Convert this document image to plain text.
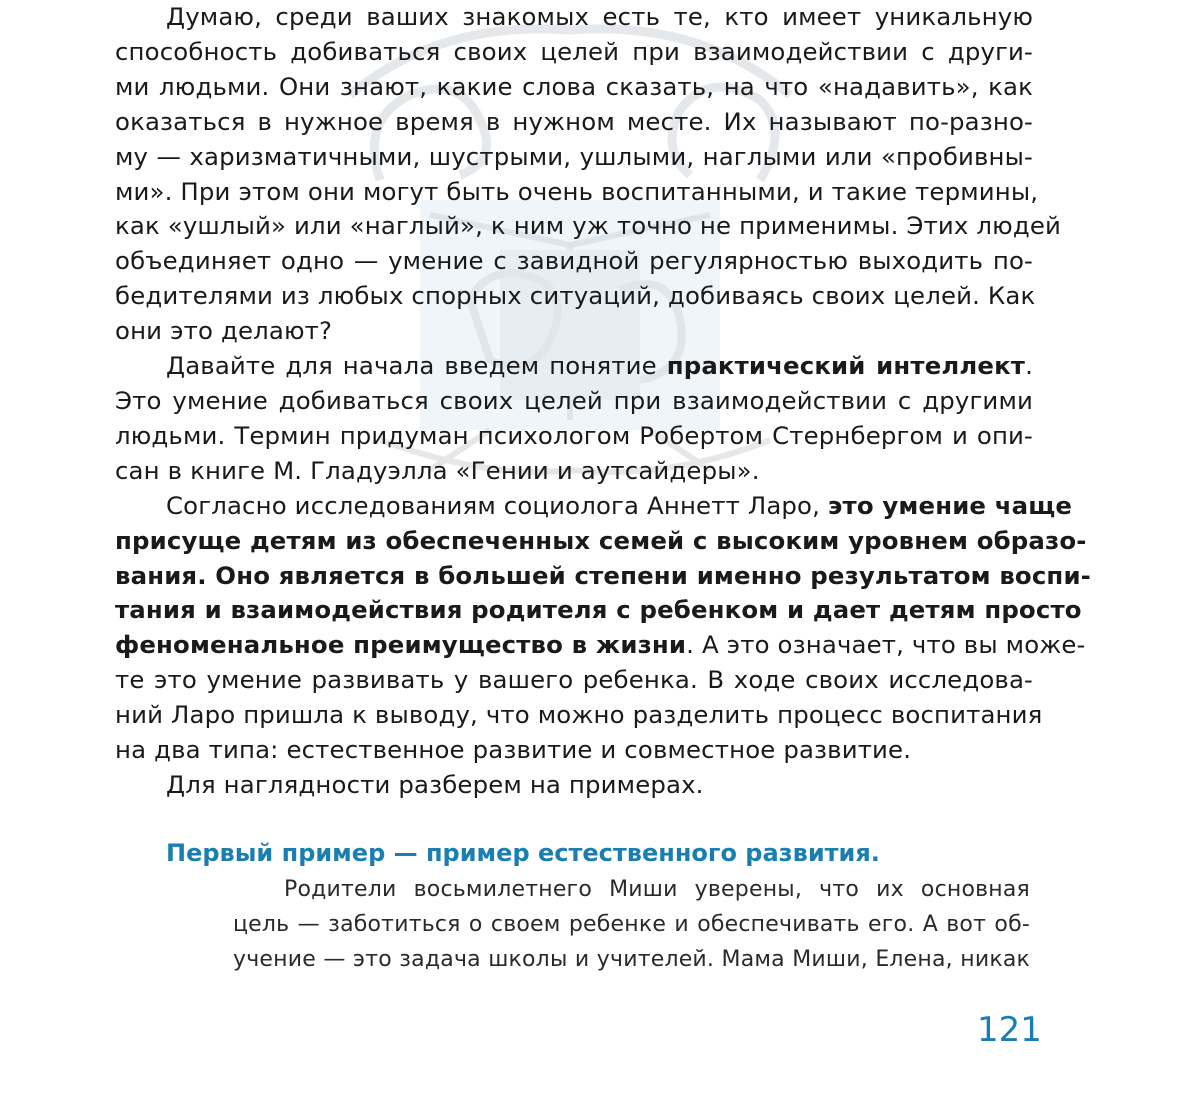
Думаю, среди ваших знакомых есть те, кто имеет уникальную
способность добиваться своих целей при взаимодействии с други-
ми людьми. Они знают, какие слова сказать, на что «надавить», как
оказаться в нужное время в нужном месте. Их называют по-разно-
му — харизматичными, шустрыми, ушлыми, наглыми или «пробивны-
ми». При этом они могут быть очень воспитанными, и такие термины,
как «ушлый» или «наглый», к ним уж точно не применимы. Этих людей
объединяет одно — умение с завидной регулярностью выходить по-
бедителями из любых спорных ситуаций, добиваясь своих целей. Как
они это делают?
Давайте для начала введем понятие практический интеллект.
Это умение добиваться своих целей при взаимодействии с другими
людьми. Термин придуман психологом Робертом Стернбергом и опи-
сан в книге М. Гладуэлла «Гении и аутсайдеры».
Согласно исследованиям социолога Аннетт Ларо, это умение чаще
присуще детям из обеспеченных семей с высоким уровнем образо-
вания. Оно является в большей степени именно результатом воспи-
тания и взаимодействия родителя с ребенком и дает детям просто
феноменальное преимущество в жизни. А это означает, что вы може-
те это умение развивать у вашего ребенка. В ходе своих исследова-
ний Ларо пришла к выводу, что можно разделить процесс воспитания
на два типа: естественное развитие и совместное развитие.
Для наглядности разберем на примерах.
Первый пример — пример естественного развития.
Родители восьмилетнего Миши уверены, что их основная
цель — заботиться о своем ребенке и обеспечивать его. А вот об-
учение — это задача школы и учителей. Мама Миши, Елена, никак
121
